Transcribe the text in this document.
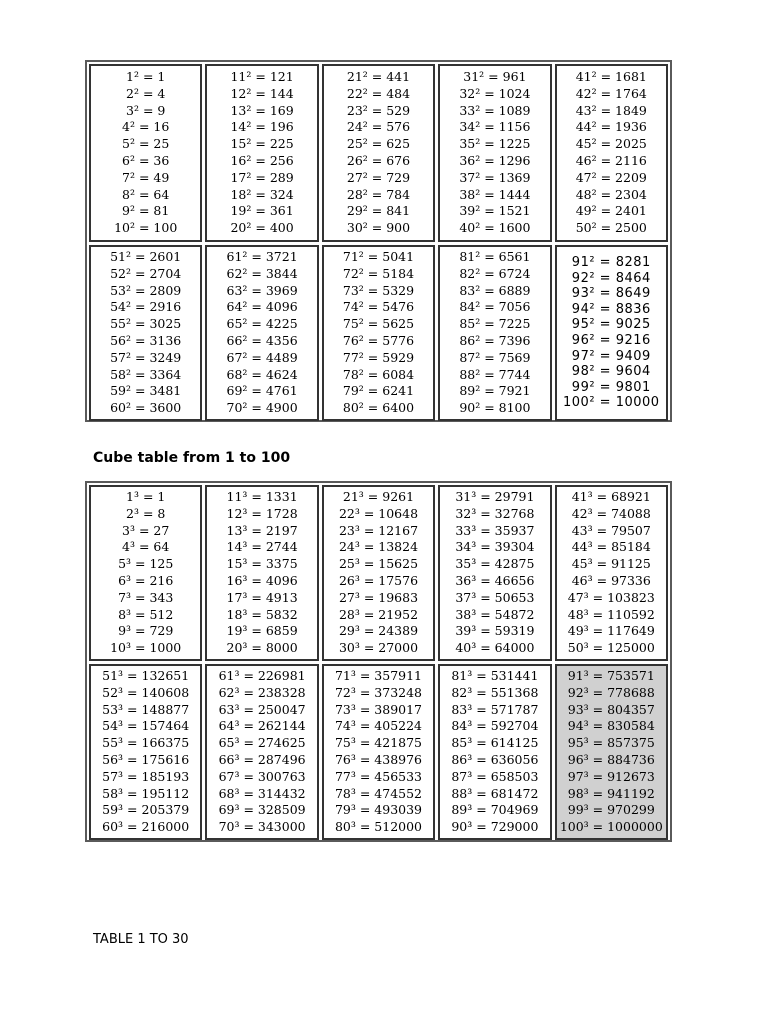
1² = 1
2² = 4
3² = 9
4² = 16
5² = 25
6² = 36
7² = 49
8² = 64
9² = 81
10² = 100
11² = 121
12² = 144
13² = 169
14² = 196
15² = 225
16² = 256
17² = 289
18² = 324
19² = 361
20² = 400
21² = 441
22² = 484
23² = 529
24² = 576
25² = 625
26² = 676
27² = 729
28² = 784
29² = 841
30² = 900
31² = 961
32² = 1024
33² = 1089
34² = 1156
35² = 1225
36² = 1296
37² = 1369
38² = 1444
39² = 1521
40² = 1600
41² = 1681
42² = 1764
43² = 1849
44² = 1936
45² = 2025
46² = 2116
47² = 2209
48² = 2304
49² = 2401
50² = 2500
51² = 2601
52² = 2704
53² = 2809
54² = 2916
55² = 3025
56² = 3136
57² = 3249
58² = 3364
59² = 3481
60² = 3600
61² = 3721
62² = 3844
63² = 3969
64² = 4096
65² = 4225
66² = 4356
67² = 4489
68² = 4624
69² = 4761
70² = 4900
71² = 5041
72² = 5184
73² = 5329
74² = 5476
75² = 5625
76² = 5776
77² = 5929
78² = 6084
79² = 6241
80² = 6400
81² = 6561
82² = 6724
83² = 6889
84² = 7056
85² = 7225
86² = 7396
87² = 7569
88² = 7744
89² = 7921
90² = 8100
91² = 8281
92² = 8464
93² = 8649
94² = 8836
95² = 9025
96² = 9216
97² = 9409
98² = 9604
99² = 9801
100² = 10000
Cube table from 1 to 100
1³ = 1
2³ = 8
3³ = 27
4³ = 64
5³ = 125
6³ = 216
7³ = 343
8³ = 512
9³ = 729
10³ = 1000
11³ = 1331
12³ = 1728
13³ = 2197
14³ = 2744
15³ = 3375
16³ = 4096
17³ = 4913
18³ = 5832
19³ = 6859
20³ = 8000
21³ = 9261
22³ = 10648
23³ = 12167
24³ = 13824
25³ = 15625
26³ = 17576
27³ = 19683
28³ = 21952
29³ = 24389
30³ = 27000
31³ = 29791
32³ = 32768
33³ = 35937
34³ = 39304
35³ = 42875
36³ = 46656
37³ = 50653
38³ = 54872
39³ = 59319
40³ = 64000
41³ = 68921
42³ = 74088
43³ = 79507
44³ = 85184
45³ = 91125
46³ = 97336
47³ = 103823
48³ = 110592
49³ = 117649
50³ = 125000
51³ = 132651
52³ = 140608
53³ = 148877
54³ = 157464
55³ = 166375
56³ = 175616
57³ = 185193
58³ = 195112
59³ = 205379
60³ = 216000
61³ = 226981
62³ = 238328
63³ = 250047
64³ = 262144
65³ = 274625
66³ = 287496
67³ = 300763
68³ = 314432
69³ = 328509
70³ = 343000
71³ = 357911
72³ = 373248
73³ = 389017
74³ = 405224
75³ = 421875
76³ = 438976
77³ = 456533
78³ = 474552
79³ = 493039
80³ = 512000
81³ = 531441
82³ = 551368
83³ = 571787
84³ = 592704
85³ = 614125
86³ = 636056
87³ = 658503
88³ = 681472
89³ = 704969
90³ = 729000
91³ = 753571
92³ = 778688
93³ = 804357
94³ = 830584
95³ = 857375
96³ = 884736
97³ = 912673
98³ = 941192
99³ = 970299
100³ = 1000000
TABLE 1 TO 30
